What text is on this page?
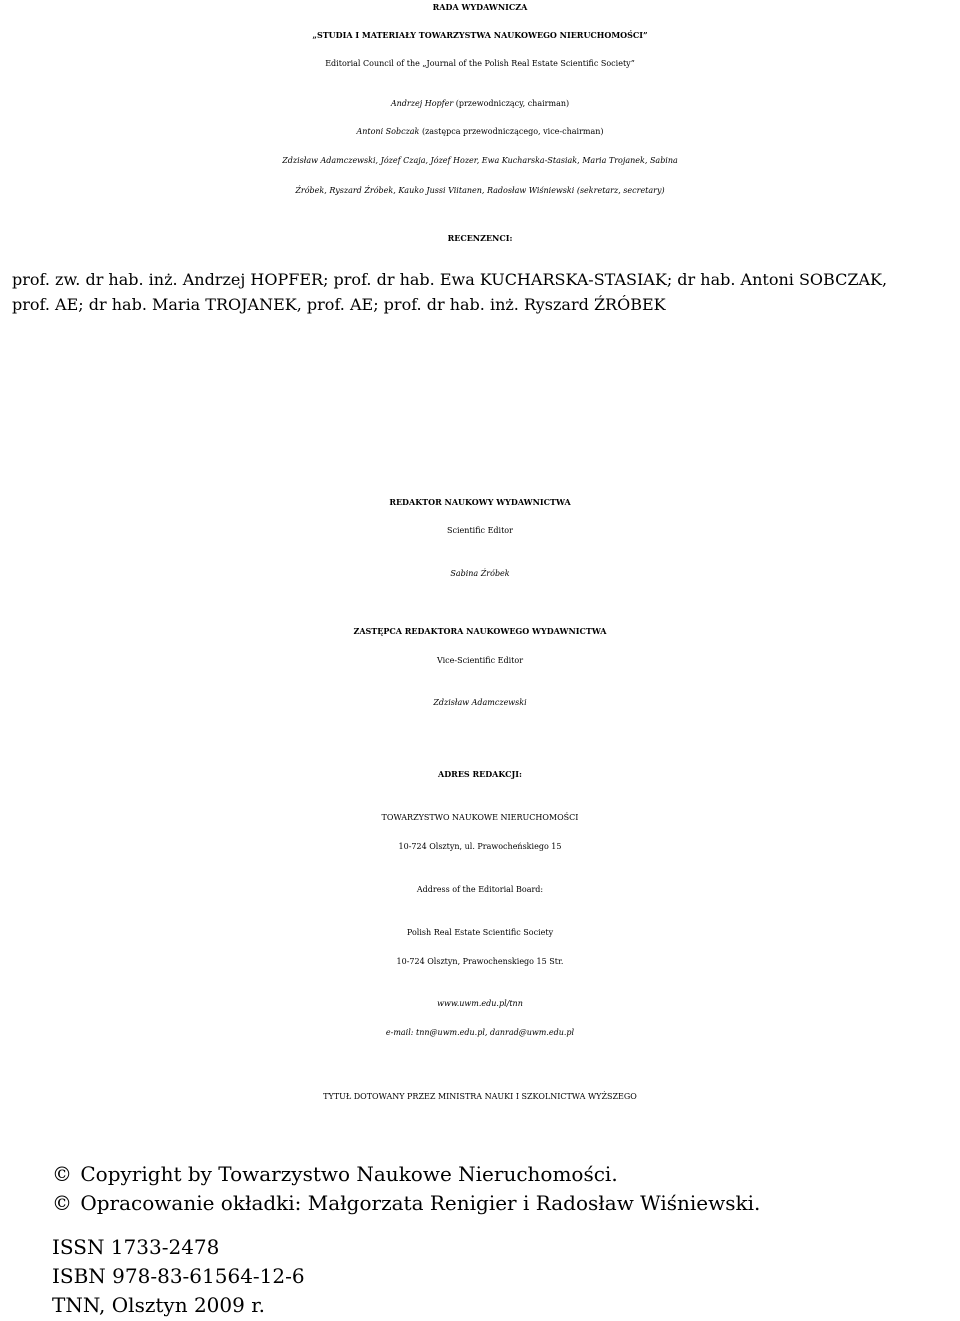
RADA WYDAWNICZA
„STUDIA I MATERIAŁY TOWARZYSTWA NAUKOWEGO NIERUCHOMOŚCI”
Editorial Council of the „Journal of the Polish Real Estate Scientific Society”
Andrzej Hopfer (przewodniczący, chairman)
Antoni Sobczak (zastępca przewodniczącego, vice-chairman)
Zdzisław Adamczewski, Józef Czaja, Józef Hozer, Ewa Kucharska-Stasiak, Maria Trojanek, Sabina
Źróbek, Ryszard Źróbek, Kauko Jussi Viitanen, Radosław Wiśniewski (sekretarz, secretary)
RECENZENCI:
prof. zw. dr hab. inż. Andrzej HOPFER; prof. dr hab. Ewa KUCHARSKA-STASIAK; dr hab. Antoni SOBCZAK,
prof. AE; dr hab. Maria TROJANEK, prof. AE; prof. dr hab. inż. Ryszard ŹRÓBEK
REDAKTOR NAUKOWY WYDAWNICTWA
Scientific Editor
Sabina Źróbek
ZASTĘPCA REDAKTORA NAUKOWEGO WYDAWNICTWA
Vice-Scientific Editor
Zdzisław Adamczewski
ADRES REDAKCJI:
TOWARZYSTWO NAUKOWE NIERUCHOMOŚCI
10-724 Olsztyn, ul. Prawocheńskiego 15
Address of the Editorial Board:
Polish Real Estate Scientific Society
10-724 Olsztyn, Prawochenskiego 15 Str.
www.uwm.edu.pl/tnn
e-mail: tnn@uwm.edu.pl, danrad@uwm.edu.pl
TYTUŁ DOTOWANY PRZEZ MINISTRA NAUKI I SZKOLNICTWA WYŻSZEGO
© Copyright by Towarzystwo Naukowe Nieruchomości.
© Opracowanie okładki: Małgorzata Renigier i Radosław Wiśniewski.
ISSN 1733-2478
ISBN 978-83-61564-12-6
TNN, Olsztyn 2009 r.
